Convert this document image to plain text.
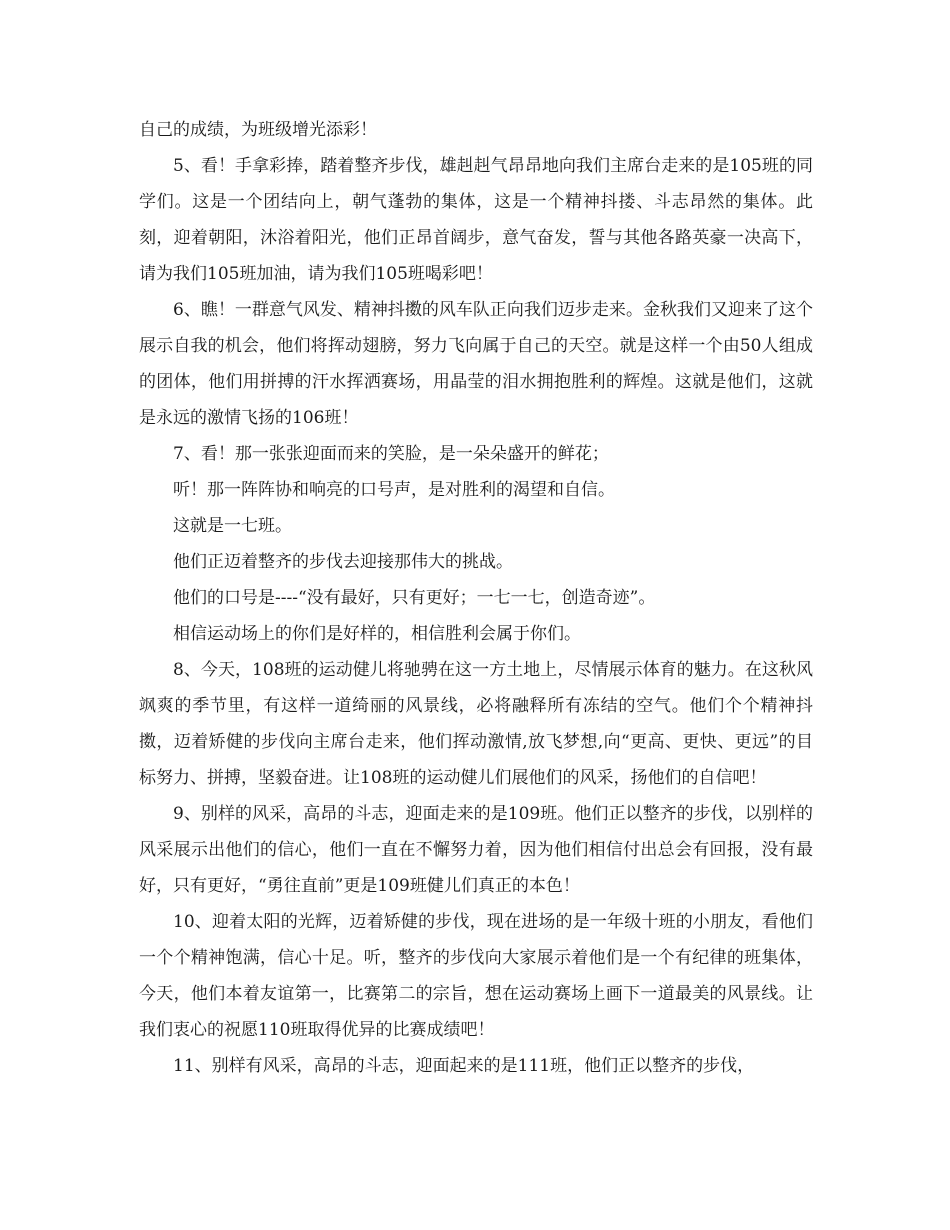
自己的成绩，为班级增光添彩！

5、看！手拿彩捧，踏着整齐步伐，雄赳赳气昂昂地向我们主席台走来的是105班的同学们。这是一个团结向上，朝气蓬勃的集体，这是一个精神抖搂、斗志昂然的集体。此刻，迎着朝阳，沐浴着阳光，他们正昂首阔步，意气奋发，誓与其他各路英豪一决高下，请为我们105班加油，请为我们105班喝彩吧！

6、瞧！一群意气风发、精神抖擞的风车队正向我们迈步走来。金秋我们又迎来了这个展示自我的机会，他们将挥动翅膀，努力飞向属于自己的天空。就是这样一个由50人组成的团体，他们用拼搏的汗水挥洒赛场，用晶莹的泪水拥抱胜利的辉煌。这就是他们，这就是永远的激情飞扬的106班！

7、看！那一张张迎面而来的笑脸，是一朵朵盛开的鲜花；

听！那一阵阵协和响亮的口号声，是对胜利的渴望和自信。

这就是一七班。

他们正迈着整齐的步伐去迎接那伟大的挑战。

他们的口号是----“没有最好，只有更好；一七一七，创造奇迹”。

相信运动场上的你们是好样的，相信胜利会属于你们。

8、今天，108班的运动健儿将驰骋在这一方土地上，尽情展示体育的魅力。在这秋风飒爽的季节里，有这样一道绮丽的风景线，必将融释所有冻结的空气。他们个个精神抖擞，迈着矫健的步伐向主席台走来，他们挥动激情,放飞梦想,向“更高、更快、更远”的目标努力、拼搏，坚毅奋进。让108班的运动健儿们展他们的风采，扬他们的自信吧！

9、别样的风采，高昂的斗志，迎面走来的是109班。他们正以整齐的步伐，以别样的风采展示出他们的信心，他们一直在不懈努力着，因为他们相信付出总会有回报，没有最好，只有更好，“勇往直前”更是109班健儿们真正的本色！

10、迎着太阳的光辉，迈着矫健的步伐，现在进场的是一年级十班的小朋友，看他们一个个精神饱满，信心十足。听，整齐的步伐向大家展示着他们是一个有纪律的班集体，今天，他们本着友谊第一，比赛第二的宗旨，想在运动赛场上画下一道最美的风景线。让我们衷心的祝愿110班取得优异的比赛成绩吧！

11、别样有风采，高昂的斗志，迎面起来的是111班，他们正以整齐的步伐，
